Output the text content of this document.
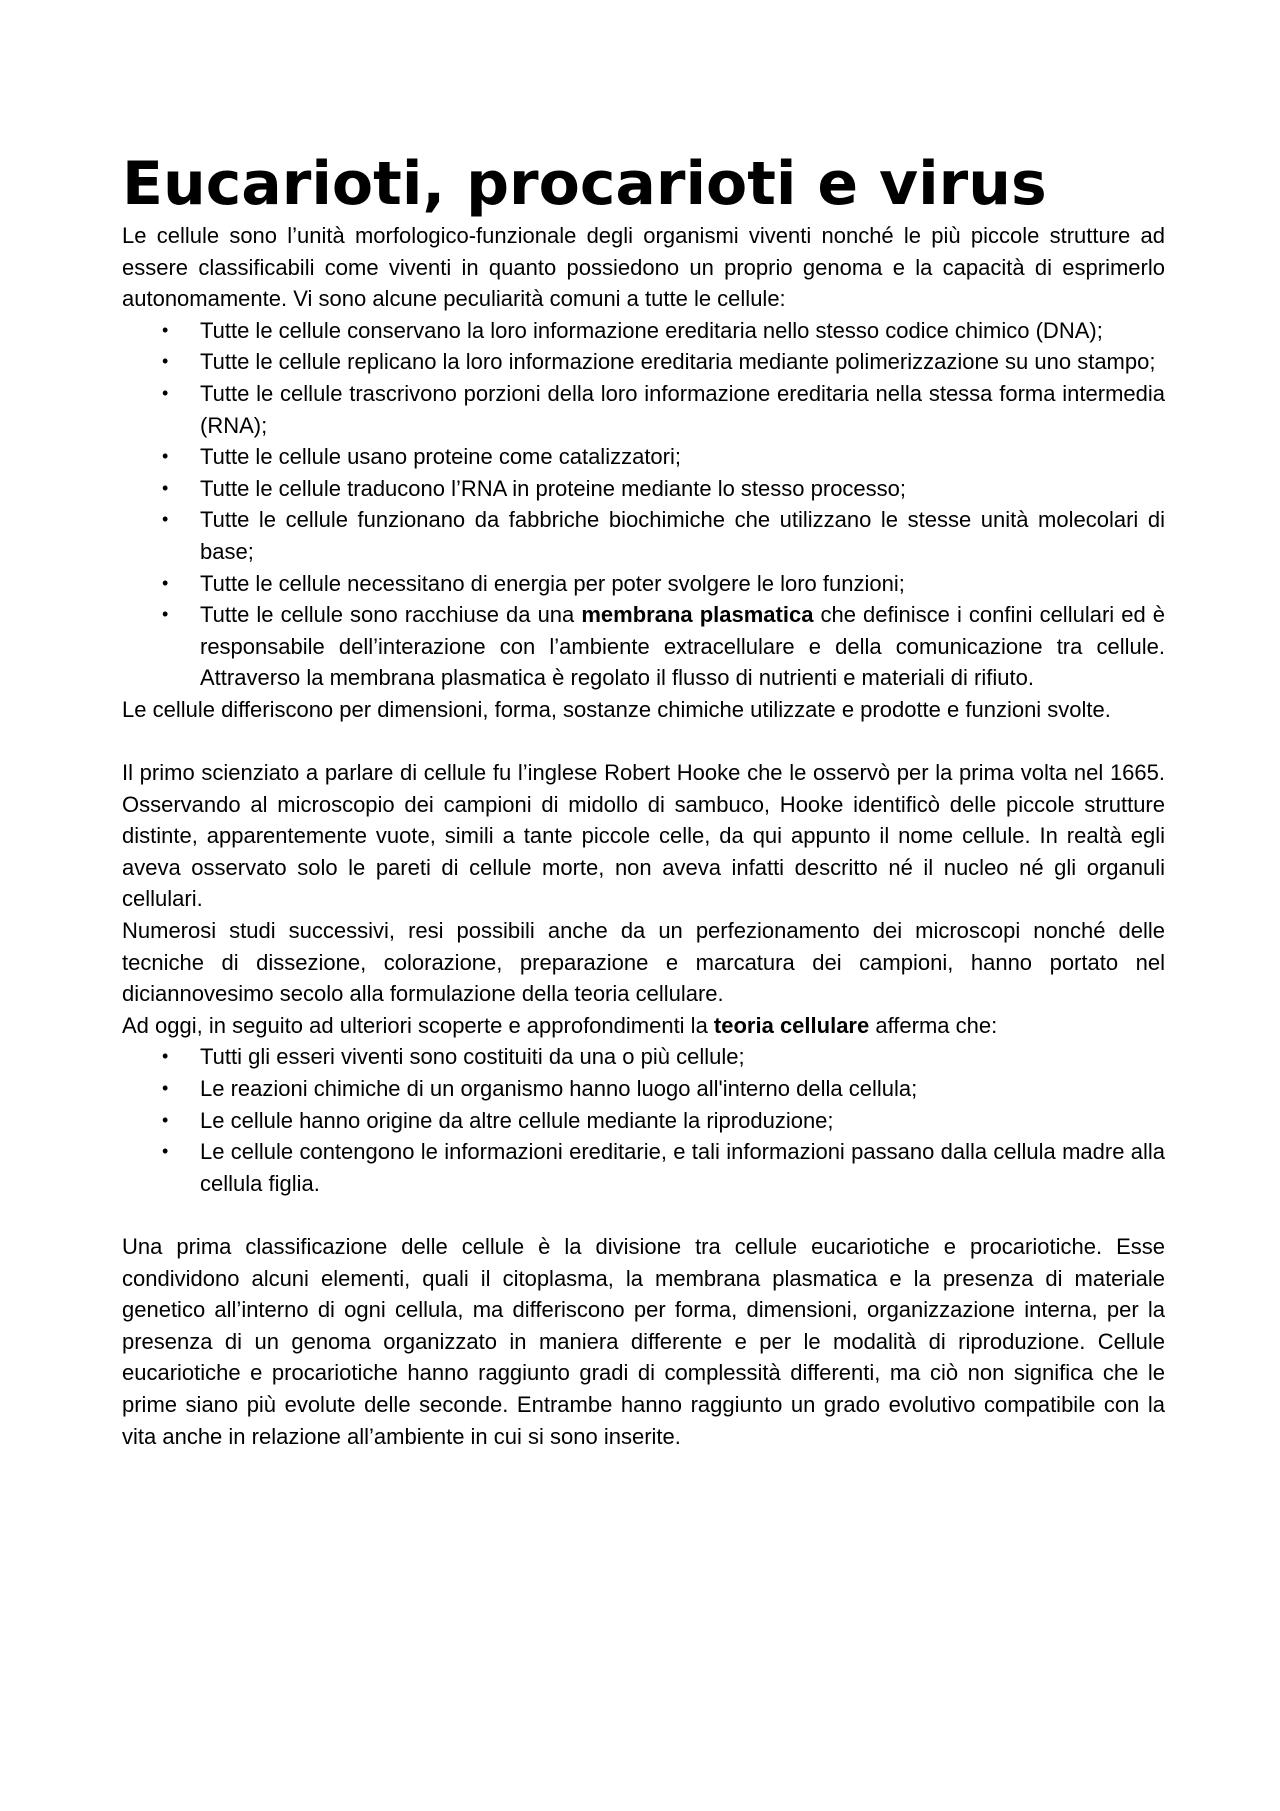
Eucarioti, procarioti e virus

Le cellule sono l’unità morfologico-funzionale degli organismi viventi nonché le più piccole strutture ad essere classificabili come viventi in quanto possiedono un proprio genoma e la capacità di esprimerlo autonomamente. Vi sono alcune peculiarità comuni a tutte le cellule:

• Tutte le cellule conservano la loro informazione ereditaria nello stesso codice chimico (DNA);
• Tutte le cellule replicano la loro informazione ereditaria mediante polimerizzazione su uno stampo;
• Tutte le cellule trascrivono porzioni della loro informazione ereditaria nella stessa forma intermedia (RNA);
• Tutte le cellule usano proteine come catalizzatori;
• Tutte le cellule traducono l’RNA in proteine mediante lo stesso processo;
• Tutte le cellule funzionano da fabbriche biochimiche che utilizzano le stesse unità molecolari di base;
• Tutte le cellule necessitano di energia per poter svolgere le loro funzioni;
• Tutte le cellule sono racchiuse da una membrana plasmatica che definisce i confini cellulari ed è responsabile dell’interazione con l’ambiente extracellulare e della comunicazione tra cellule. Attraverso la membrana plasmatica è regolato il flusso di nutrienti e materiali di rifiuto.

Le cellule differiscono per dimensioni, forma, sostanze chimiche utilizzate e prodotte e funzioni svolte.

Il primo scienziato a parlare di cellule fu l’inglese Robert Hooke che le osservò per la prima volta nel 1665. Osservando al microscopio dei campioni di midollo di sambuco, Hooke identificò delle piccole strutture distinte, apparentemente vuote, simili a tante piccole celle, da qui appunto il nome cellule. In realtà egli aveva osservato solo le pareti di cellule morte, non aveva infatti descritto né il nucleo né gli organuli cellulari.

Numerosi studi successivi, resi possibili anche da un perfezionamento dei microscopi nonché delle tecniche di dissezione, colorazione, preparazione e marcatura dei campioni, hanno portato nel diciannovesimo secolo alla formulazione della teoria cellulare.

Ad oggi, in seguito ad ulteriori scoperte e approfondimenti la teoria cellulare afferma che:

• Tutti gli esseri viventi sono costituiti da una o più cellule;
• Le reazioni chimiche di un organismo hanno luogo all'interno della cellula;
• Le cellule hanno origine da altre cellule mediante la riproduzione;
• Le cellule contengono le informazioni ereditarie, e tali informazioni passano dalla cellula madre alla cellula figlia.

Una prima classificazione delle cellule è la divisione tra cellule eucariotiche e procariotiche. Esse condividono alcuni elementi, quali il citoplasma, la membrana plasmatica e la presenza di materiale genetico all’interno di ogni cellula, ma differiscono per forma, dimensioni, organizzazione interna, per la presenza di un genoma organizzato in maniera differente e per le modalità di riproduzione. Cellule eucariotiche e procariotiche hanno raggiunto gradi di complessità differenti, ma ciò non significa che le prime siano più evolute delle seconde. Entrambe hanno raggiunto un grado evolutivo compatibile con la vita anche in relazione all’ambiente in cui si sono inserite.
